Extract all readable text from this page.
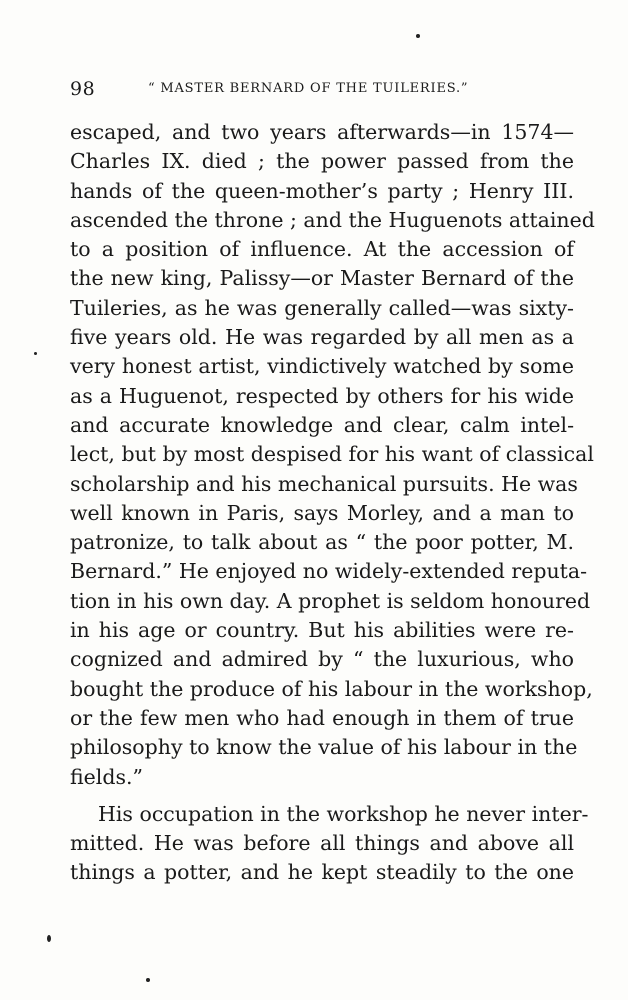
98	“ MASTER BERNARD OF THE TUILERIES.”
escaped, and two years afterwards—in 1574—
Charles IX. died ; the power passed from the
hands of the queen-mother’s party ; Henry III.
ascended the throne ; and the Huguenots attained
to a position of influence. At the accession of
the new king, Palissy—or Master Bernard of the
Tuileries, as he was generally called—was sixty-
five years old. He was regarded by all men as a
very honest artist, vindictively watched by some
as a Huguenot, respected by others for his wide
and accurate knowledge and clear, calm intel-
lect, but by most despised for his want of classical
scholarship and his mechanical pursuits. He was
well known in Paris, says Morley, and a man to
patronize, to talk about as “ the poor potter, M.
Bernard.” He enjoyed no widely-extended reputa-
tion in his own day. A prophet is seldom honoured
in his age or country. But his abilities were re-
cognized and admired by “ the luxurious, who
bought the produce of his labour in the workshop,
or the few men who had enough in them of true
philosophy to know the value of his labour in the
fields.”
His occupation in the workshop he never inter-
mitted. He was before all things and above all
things a potter, and he kept steadily to the one
